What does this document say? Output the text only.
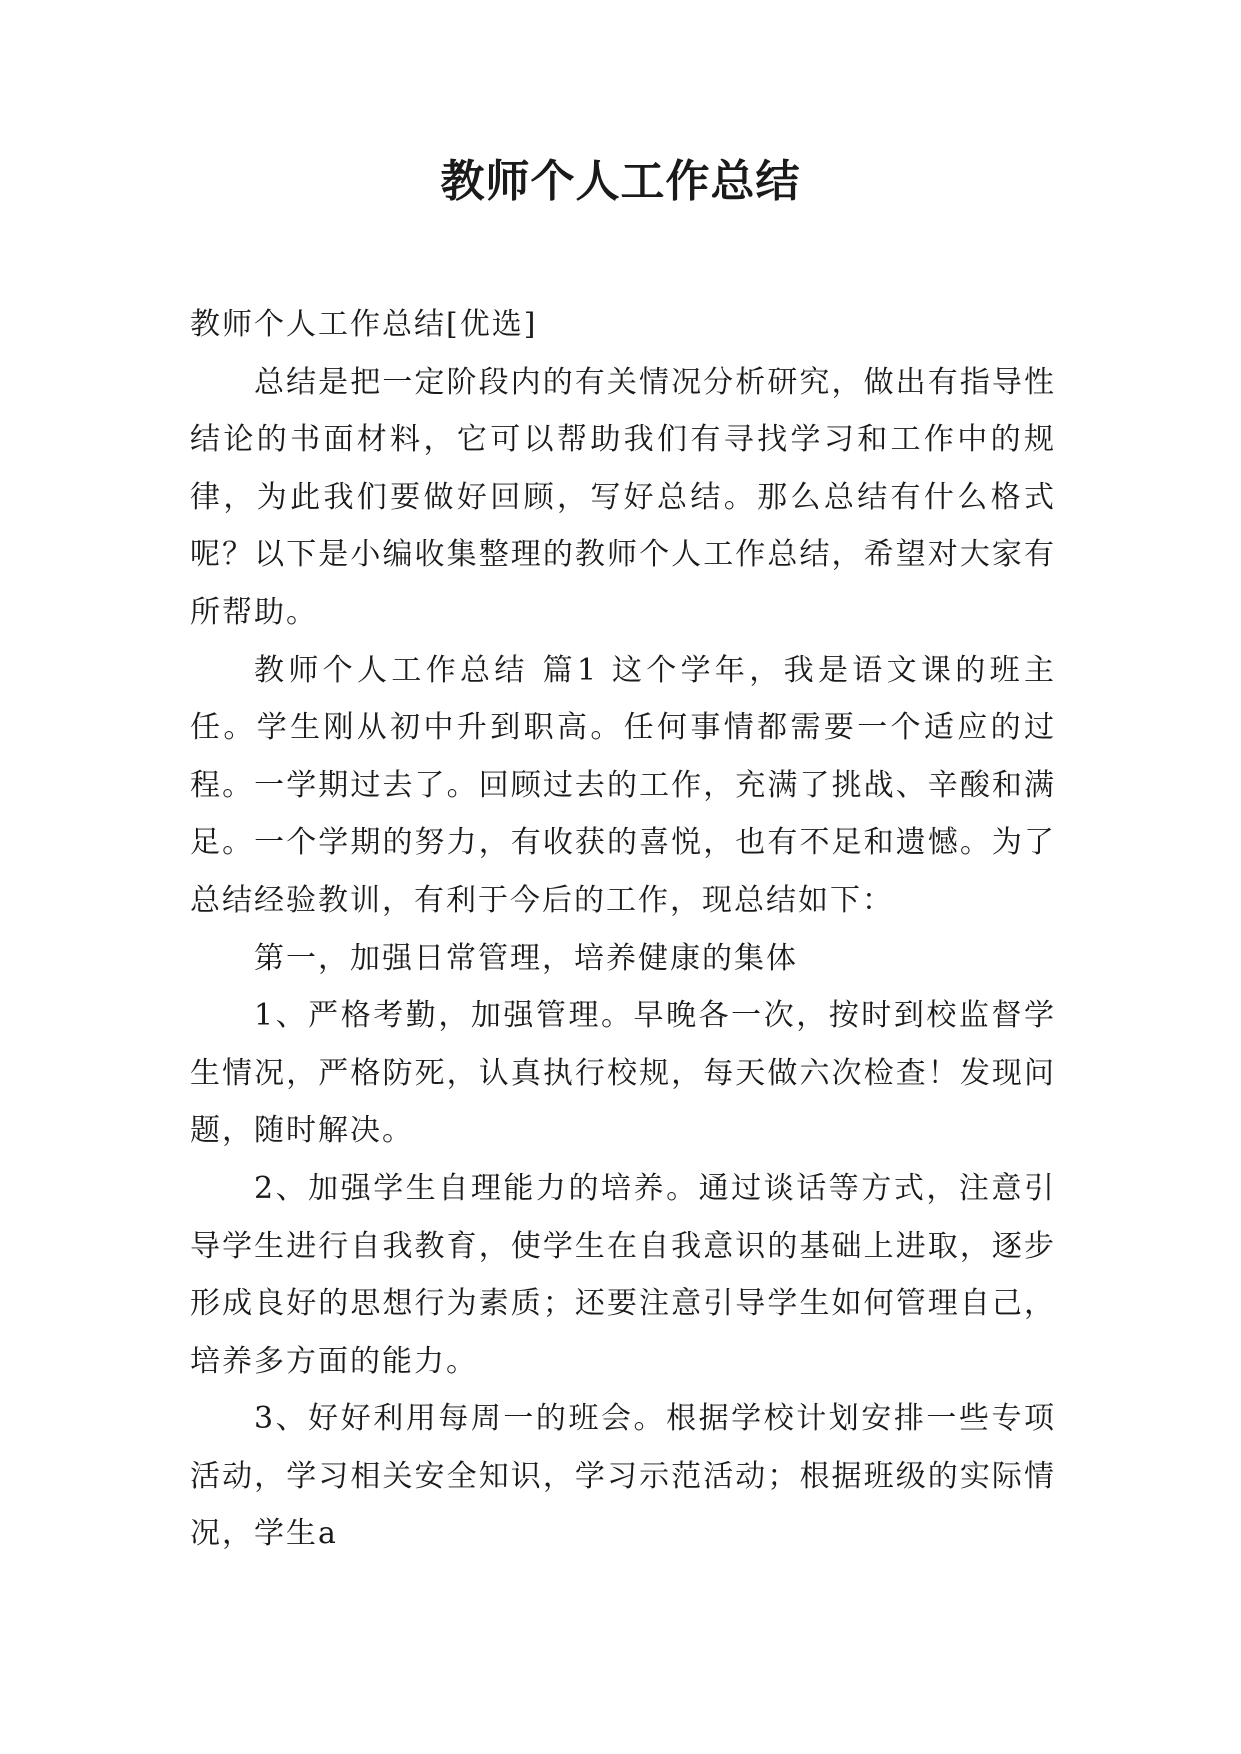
教师个人工作总结

教师个人工作总结[优选]

总结是把一定阶段内的有关情况分析研究，做出有指导性结论的书面材料，它可以帮助我们有寻找学习和工作中的规律，为此我们要做好回顾，写好总结。那么总结有什么格式呢？以下是小编收集整理的教师个人工作总结，希望对大家有所帮助。

教师个人工作总结 篇1 这个学年，我是语文课的班主任。学生刚从初中升到职高。任何事情都需要一个适应的过程。一学期过去了。回顾过去的工作，充满了挑战、辛酸和满足。一个学期的努力，有收获的喜悦，也有不足和遗憾。为了总结经验教训，有利于今后的工作，现总结如下：

第一，加强日常管理，培养健康的集体

1、严格考勤，加强管理。早晚各一次，按时到校监督学生情况，严格防死，认真执行校规，每天做六次检查！发现问题，随时解决。

2、加强学生自理能力的培养。通过谈话等方式，注意引导学生进行自我教育，使学生在自我意识的基础上进取，逐步形成良好的思想行为素质；还要注意引导学生如何管理自己，培养多方面的能力。

3、好好利用每周一的班会。根据学校计划安排一些专项活动，学习相关安全知识，学习示范活动；根据班级的实际情况，学生a
